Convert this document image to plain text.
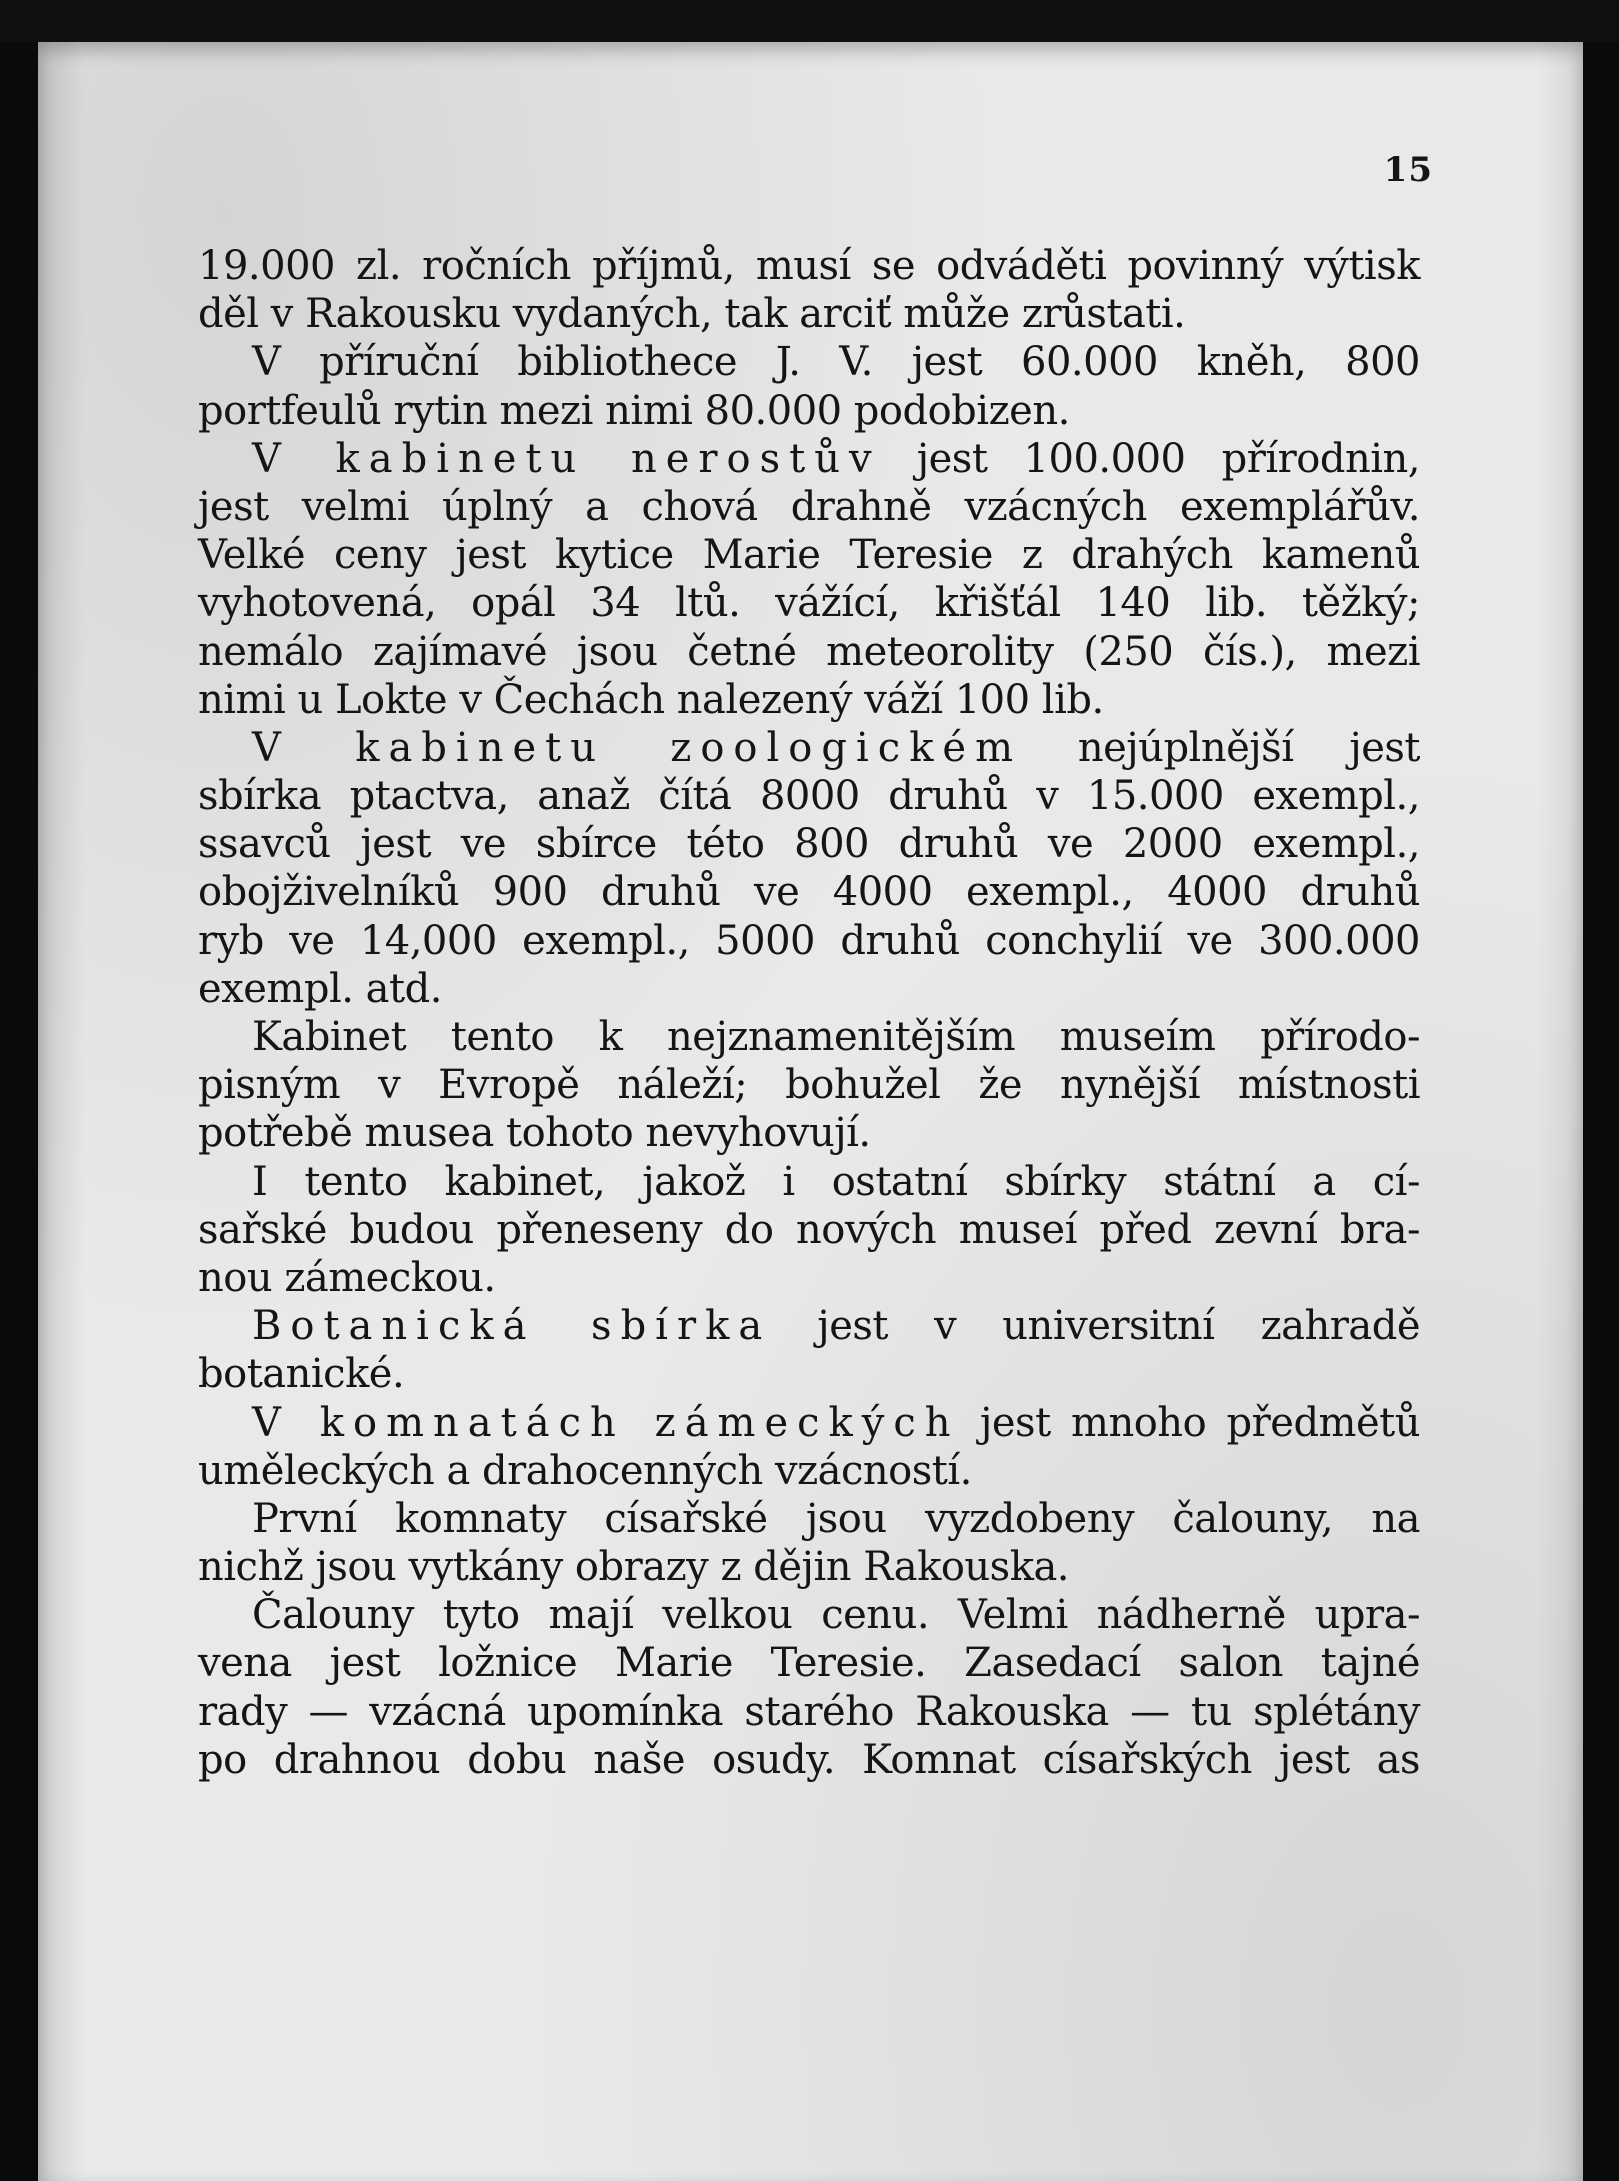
15
19.000 zl. ročních příjmů, musí se odváděti povinný výtisk
děl v Rakousku vydaných, tak arciť může zrůstati.
V příruční bibliothece J. V. jest 60.000 kněh, 800
portfeulů rytin mezi nimi 80.000 podobizen.
V kabinetu nerostův jest 100.000 přírodnin,
jest velmi úplný a chová drahně vzácných exemplářův.
Velké ceny jest kytice Marie Teresie z drahých kamenů
vyhotovená, opál 34 ltů. vážící, křišťál 140 lib. těžký;
nemálo zajímavé jsou četné meteorolity (250 čís.), mezi
nimi u Lokte v Čechách nalezený váží 100 lib.
V kabinetu zoologickém nejúplnější jest
sbírka ptactva, anaž čítá 8000 druhů v 15.000 exempl.,
ssavců jest ve sbírce této 800 druhů ve 2000 exempl.,
obojživelníků 900 druhů ve 4000 exempl., 4000 druhů
ryb ve 14,000 exempl., 5000 druhů conchylií ve 300.000
exempl. atd.
Kabinet tento k nejznamenitějším museím přírodo-
pisným v Evropě náleží; bohužel že nynější místnosti
potřebě musea tohoto nevyhovují.
I tento kabinet, jakož i ostatní sbírky státní a cí-
sařské budou přeneseny do nových museí před zevní bra-
nou zámeckou.
Botanická sbírka jest v universitní zahradě
botanické.
V komnatách zámeckých jest mnoho předmětů
uměleckých a drahocenných vzácností.
První komnaty císařské jsou vyzdobeny čalouny, na
nichž jsou vytkány obrazy z dějin Rakouska.
Čalouny tyto mají velkou cenu. Velmi nádherně upra-
vena jest ložnice Marie Teresie. Zasedací salon tajné
rady — vzácná upomínka starého Rakouska — tu splétány
po drahnou dobu naše osudy. Komnat císařských jest as
